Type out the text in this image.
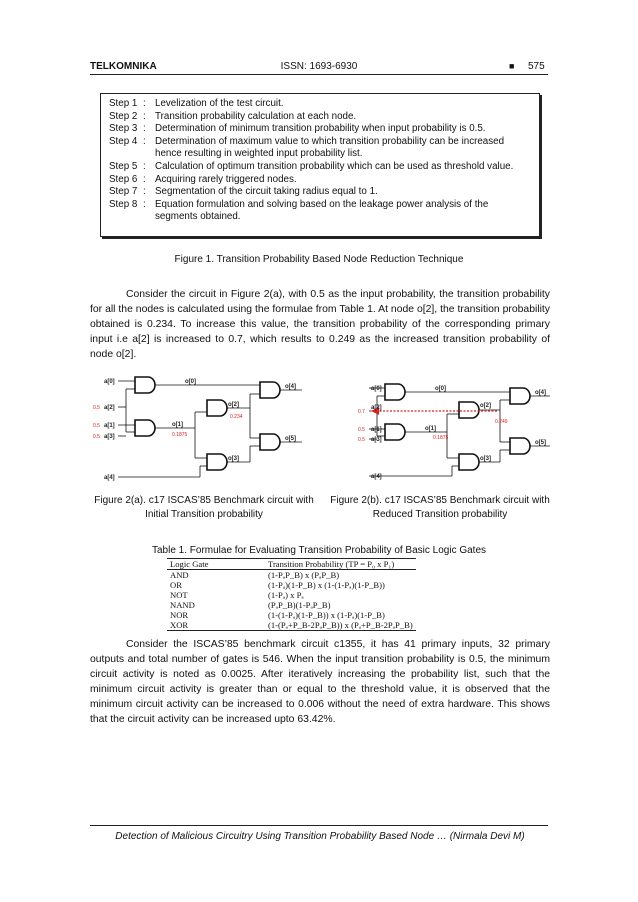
TELKOMNIKA	ISSN: 1693-6930	■ 575
Step 1 : Levelization of the test circuit.
Step 2 : Transition probability calculation at each node.
Step 3 : Determination of minimum transition probability when input probability is 0.5.
Step 4 : Determination of maximum value to which transition probability can be increased hence resulting in weighted input probability list.
Step 5 : Calculation of optimum transition probability which can be used as threshold value.
Step 6 : Acquiring rarely triggered nodes.
Step 7 : Segmentation of the circuit taking radius equal to 1.
Step 8 : Equation formulation and solving based on the leakage power analysis of the segments obtained.
Figure 1. Transition Probability Based Node Reduction Technique

Consider the circuit in Figure 2(a), with 0.5 as the input probability, the transition probability for all the nodes is calculated using the formulae from Table 1. At node o[2], the transition probability obtained is 0.234. To increase this value, the transition probability of the corresponding primary input i.e a[2] is increased to 0.7, which results to 0.249 as the increased transition probability of node o[2].

a[0]
a[2]
a[1]
a[3]
a[4]
o[0]
o[1]
o[2]
o[3]
o[4]
o[5]
0.5
0.5
0.5	0.1875
0.234
a[0]
a[2]
a[1]
a[3]
a[4]
o[0]
o[1]
o[2]
o[3]
o[4]
o[5]
0.7
0.5
0.5	0.1875
0.249
Figure 2(a). c17 ISCAS’85 Benchmark circuit with Initial Transition probability
Figure 2(b). c17 ISCAS’85 Benchmark circuit with Reduced Transition probability
Table 1. Formulae for Evaluating Transition Probability of Basic Logic Gates
Logic Gate	Transition Probability (TP = P₀ x P₁)
AND	(1-PₐP_B) x (PₐP_B)
OR	(1-Pₐ)(1-P_B) x (1-(1-Pₐ)(1-P_B))
NOT	(1-Pₐ) x Pₐ
NAND	(PₐP_B)(1-PₐP_B)
NOR	(1-(1-Pₐ)(1-P_B)) x (1-Pₐ)(1-P_B)
XOR	(1-(Pₐ+P_B-2PₐP_B)) x (Pₐ+P_B-2PₐP_B)

Consider the ISCAS’85 benchmark circuit c1355, it has 41 primary inputs, 32 primary outputs and total number of gates is 546. When the input transition probability is 0.5, the minimum circuit activity is noted as 0.0025. After iteratively increasing the probability list, such that the minimum circuit activity is greater than or equal to the threshold value, it is observed that the minimum circuit activity can be increased to 0.006 without the need of extra hardware. This shows that the circuit activity can be increased upto 63.42%.

Detection of Malicious Circuitry Using Transition Probability Based Node … (Nirmala Devi M)
